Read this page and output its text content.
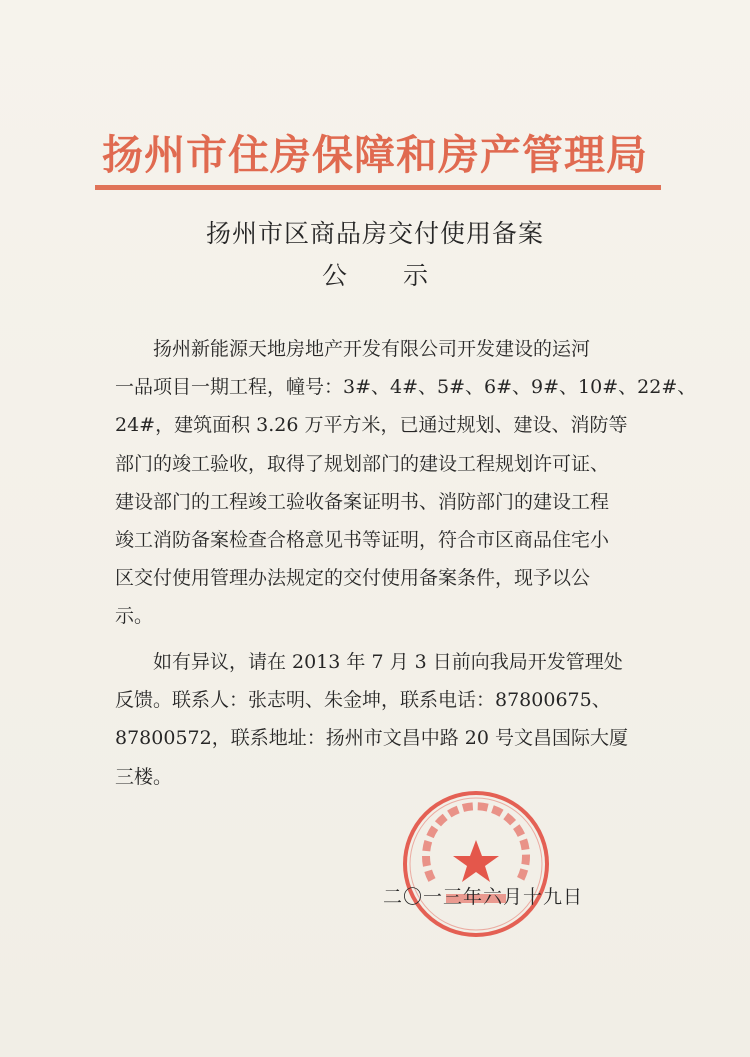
扬州市住房保障和房产管理局
扬州市区商品房交付使用备案
公示
扬州新能源天地房地产开发有限公司开发建设的运河
一品项目一期工程，幢号：3#、4#、5#、6#、9#、10#、22#、
24#，建筑面积 3.26 万平方米，已通过规划、建设、消防等
部门的竣工验收，取得了规划部门的建设工程规划许可证、
建设部门的工程竣工验收备案证明书、消防部门的建设工程
竣工消防备案检查合格意见书等证明，符合市区商品住宅小
区交付使用管理办法规定的交付使用备案条件，现予以公
示。
如有异议，请在 2013 年 7 月 3 日前向我局开发管理处
反馈。联系人：张志明、朱金坤，联系电话：87800675、
87800572，联系地址：扬州市文昌中路 20 号文昌国际大厦
三楼。
二〇一三年六月十九日
